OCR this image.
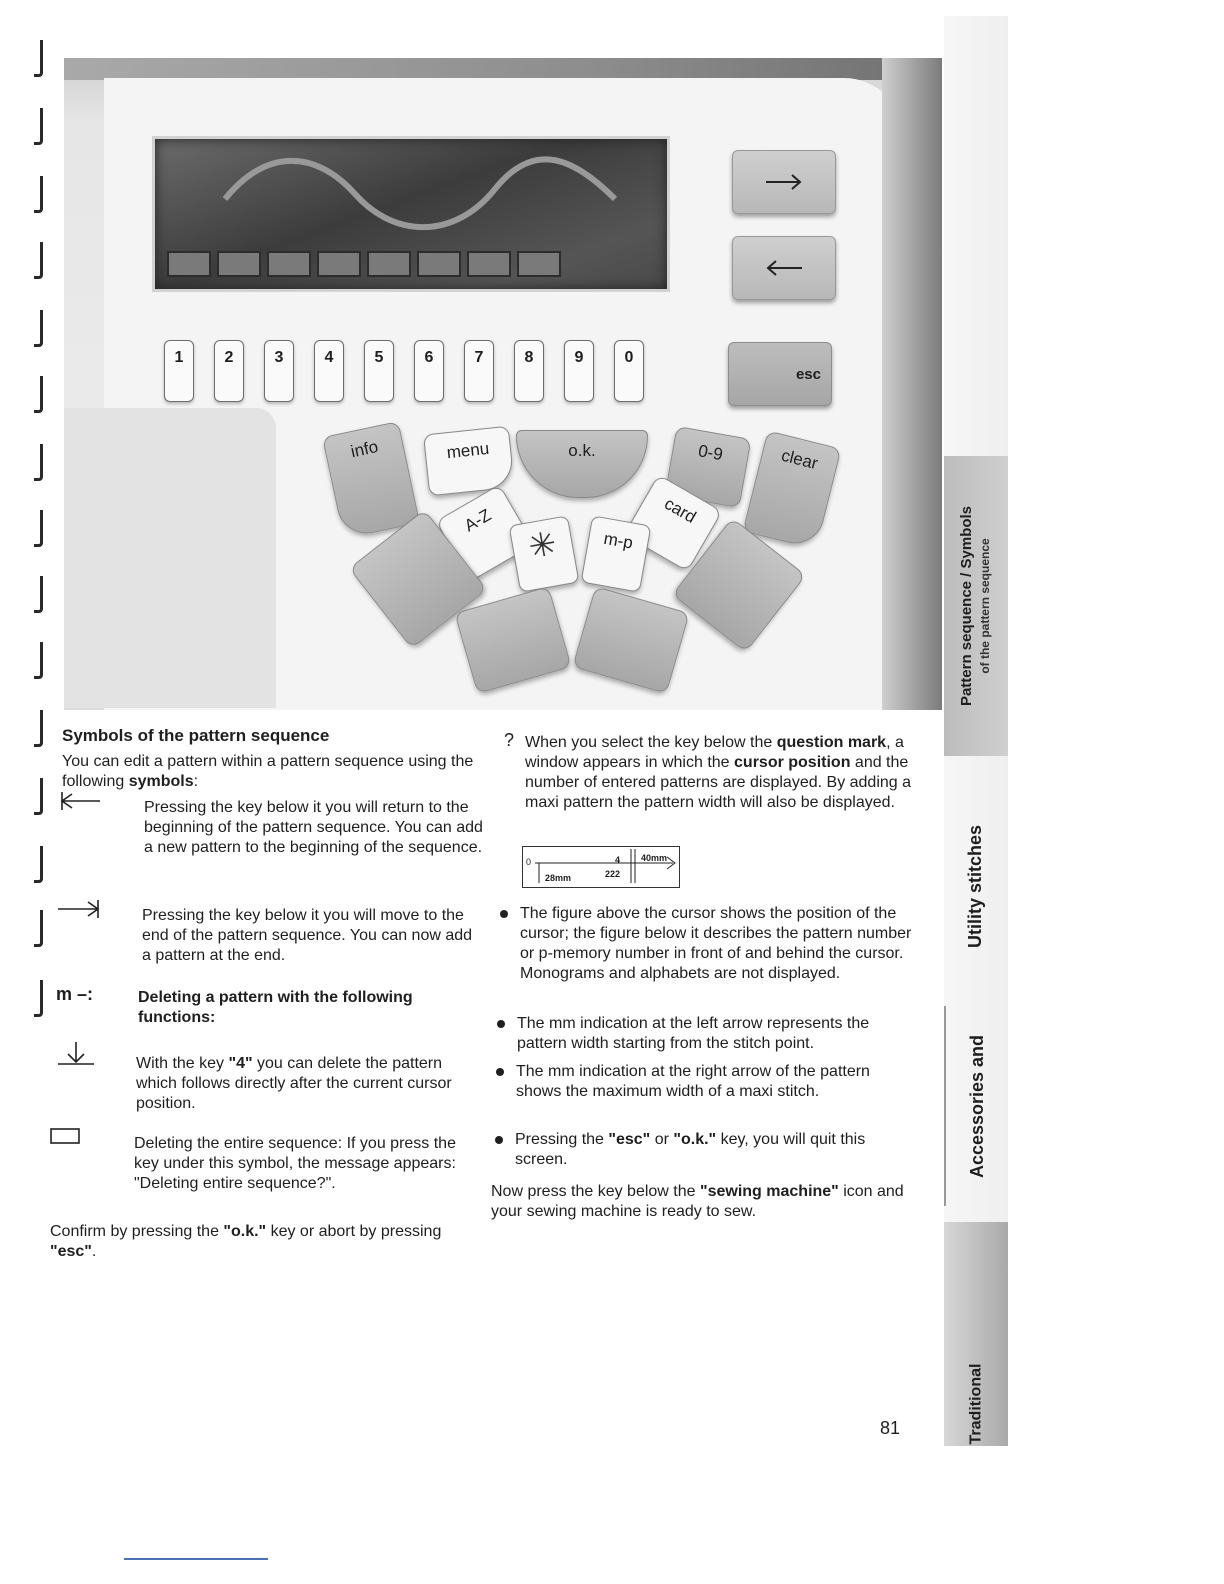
esc
1	2	3	4	5	6	7	8	9	0
info	menu	o.k.	0-9	clear
A-Z	card
m-p
Symbols of the pattern sequence
You can edit a pattern within a pattern sequence using the following symbols:
Pressing the key below it you will return to the beginning of the pattern sequence. You can add a new pattern to the beginning of the sequence.
Pressing the key below it you will move to the end of the pattern sequence. You can now add a pattern at the end.
m –:	Deleting a pattern with the following functions:
With the key "4" you can delete the pattern which follows directly after the current cursor position.
Deleting the entire sequence: If you press the key under this symbol, the message appears: "Deleting entire sequence?".
Confirm by pressing the "o.k." key or abort by pressing "esc".
? When you select the key below the question mark, a window appears in which the cursor position and the number of entered patterns are displayed. By adding a maxi pattern the pattern width will also be displayed.
0
28mm
4
222
40mm
The figure above the cursor shows the position of the cursor; the figure below it describes the pattern number or p-memory number in front of and behind the cursor.
Monograms and alphabets are not displayed.
The mm indication at the left arrow represents the pattern width starting from the stitch point.
The mm indication at the right arrow of the pattern shows the maximum width of a maxi stitch.
Pressing the "esc" or "o.k." key, you will quit this screen.
Now press the key below the "sewing machine" icon and your sewing machine is ready to sew.
Pattern sequence / Symbols of the pattern sequence
Utility stitches
Accessories and
Traditional
81
